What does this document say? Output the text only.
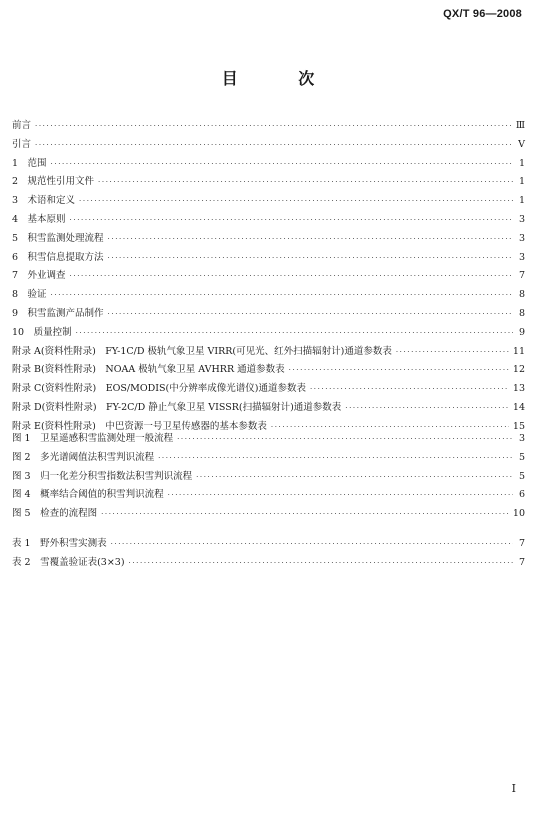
QX/T 96—2008
目 次
前言 ·····	Ⅲ
引言 ·····	Ⅴ
1　范围 ·····	1
2　规范性引用文件 ·····	1
3　术语和定义 ·····	1
4　基本原则 ·····	3
5　积雪监测处理流程 ·····	3
6　积雪信息提取方法 ·····	3
7　外业调查 ·····	7
8　验证 ·····	8
9　积雪监测产品制作 ·····	8
10　质量控制 ·····	9
附录 A(资料性附录)　FY-1C/D 极轨气象卫星 VIRR(可见光、红外扫描辐射计)通道参数表 ·····	11
附录 B(资料性附录)　NOAA 极轨气象卫星 AVHRR 通道参数表 ·····	12
附录 C(资料性附录)　EOS/MODIS(中分辨率成像光谱仪)通道参数表 ·····	13
附录 D(资料性附录)　FY-2C/D 静止气象卫星 VISSR(扫描辐射计)通道参数表 ·····	14
附录 E(资料性附录)　中巴资源一号卫星传感器的基本参数表 ·····	15
图 1　卫星遥感积雪监测处理一般流程 ·····	3
图 2　多光谱阈值法积雪判识流程 ·····	5
图 3　归一化差分积雪指数法积雪判识流程 ·····	5
图 4　概率结合阈值的积雪判识流程 ·····	6
图 5　检查的流程图 ·····	10
表 1　野外积雪实测表 ·····	7
表 2　雪覆盖验证表(3×3) ·····	7
Ⅰ
